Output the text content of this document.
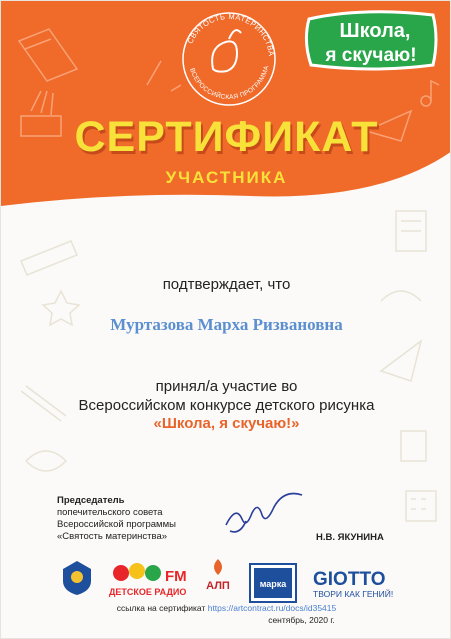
СВЯТОСТЬ МАТЕРИНСТВА
ВСЕРОССИЙСКАЯ ПРОГРАММА
Школа,
я скучаю!
СЕРТИФИКАТ
УЧАСТНИКА
подтверждает, что
Муртазова Марха Ризвановна
принял/а участие во
Всероссийском конкурсе детского рисунка
«Школа, я скучаю!»
Председатель
попечительского совета
Всероссийской программы
«Святость материнства»	Н.В. ЯКУНИНА
FM
ДЕТСКОЕ РАДИО АЛП	марка GIOTTO
ТВОРИ КАК ГЕНИЙ!
ссылка на сертификат https://artcontract.ru/docs/id35415
сентябрь, 2020 г.
